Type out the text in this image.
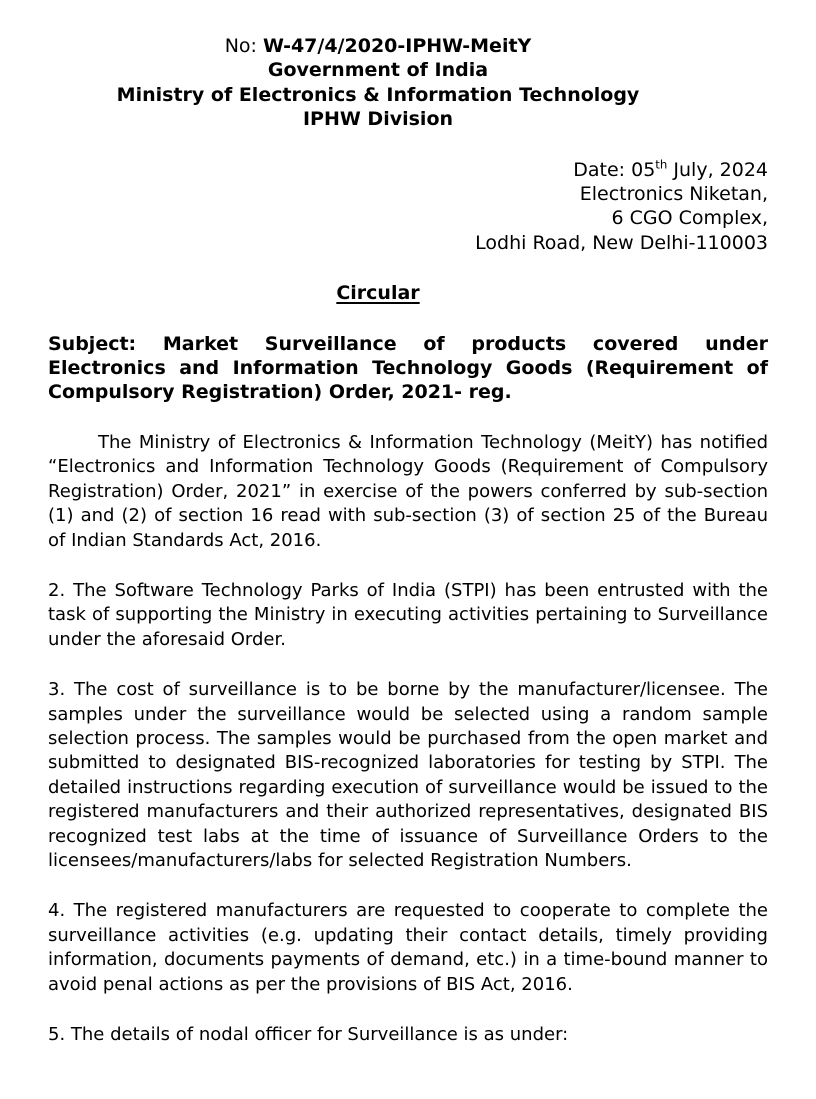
No: W-47/4/2020-IPHW-MeitY
Government of India
Ministry of Electronics & Information Technology
IPHW Division
Date: 05th July, 2024
Electronics Niketan,
6 CGO Complex,
Lodhi Road, New Delhi-110003
Circular
Subject: Market Surveillance of products covered under Electronics and Information Technology Goods (Requirement of Compulsory Registration) Order, 2021- reg.
The Ministry of Electronics & Information Technology (MeitY) has notified “Electronics and Information Technology Goods (Requirement of Compulsory Registration) Order, 2021” in exercise of the powers conferred by sub-section (1) and (2) of section 16 read with sub-section (3) of section 25 of the Bureau of Indian Standards Act, 2016.
2. The Software Technology Parks of India (STPI) has been entrusted with the task of supporting the Ministry in executing activities pertaining to Surveillance under the aforesaid Order.
3. The cost of surveillance is to be borne by the manufacturer/licensee. The samples under the surveillance would be selected using a random sample selection process. The samples would be purchased from the open market and submitted to designated BIS-recognized laboratories for testing by STPI. The detailed instructions regarding execution of surveillance would be issued to the registered manufacturers and their authorized representatives, designated BIS recognized test labs at the time of issuance of Surveillance Orders to the licensees/manufacturers/labs for selected Registration Numbers.
4. The registered manufacturers are requested to cooperate to complete the surveillance activities (e.g. updating their contact details, timely providing information, documents payments of demand, etc.) in a time-bound manner to avoid penal actions as per the provisions of BIS Act, 2016.
5. The details of nodal officer for Surveillance is as under:
